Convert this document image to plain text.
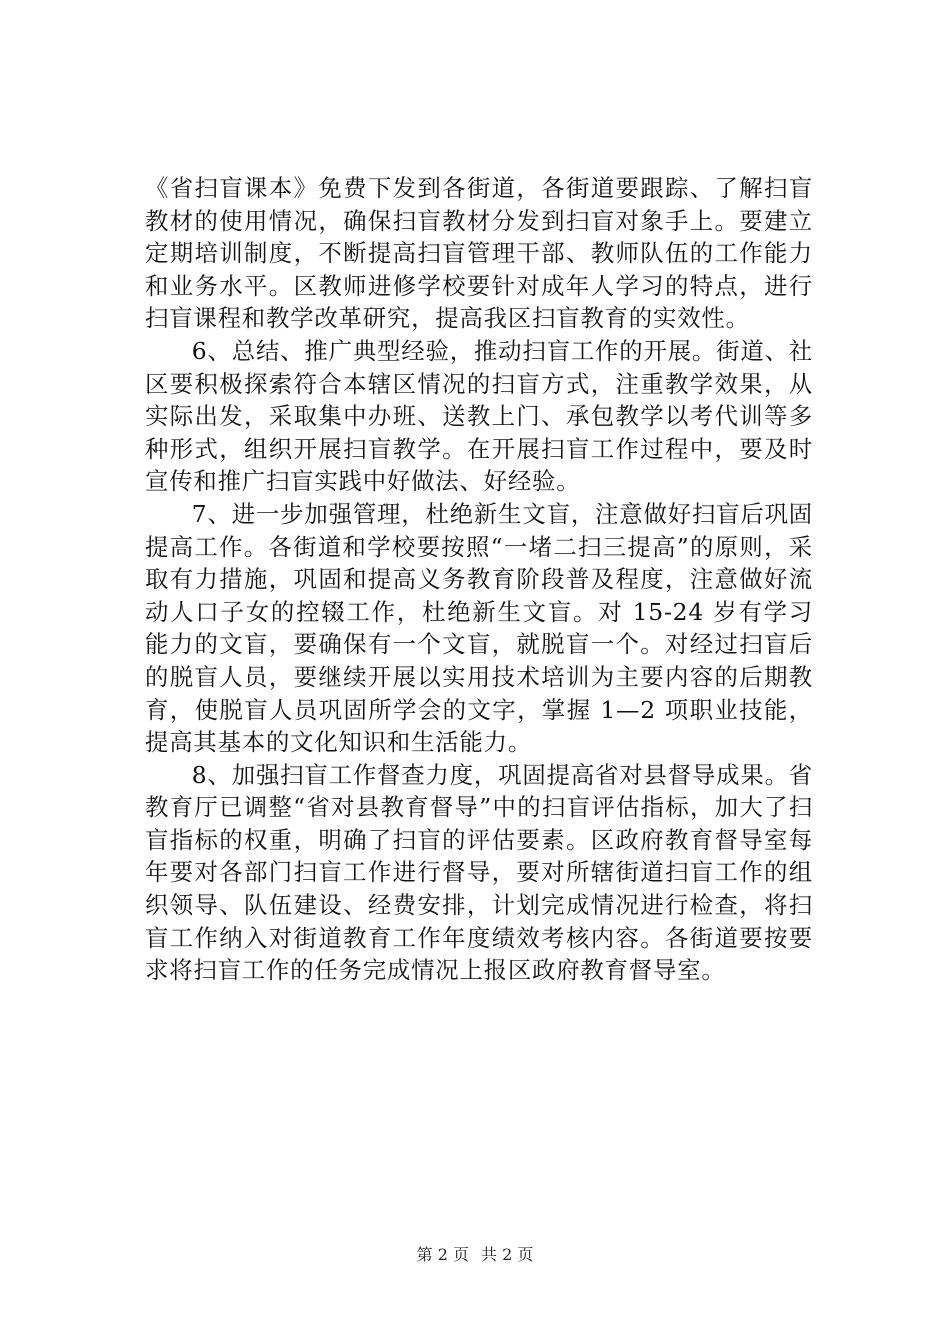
《省扫盲课本》免费下发到各街道，各街道要跟踪、了解扫盲教材的使用情况，确保扫盲教材分发到扫盲对象手上。要建立定期培训制度，不断提高扫盲管理干部、教师队伍的工作能力和业务水平。区教师进修学校要针对成年人学习的特点，进行扫盲课程和教学改革研究，提高我区扫盲教育的实效性。

6、总结、推广典型经验，推动扫盲工作的开展。街道、社区要积极探索符合本辖区情况的扫盲方式，注重教学效果，从实际出发，采取集中办班、送教上门、承包教学以考代训等多种形式，组织开展扫盲教学。在开展扫盲工作过程中，要及时宣传和推广扫盲实践中好做法、好经验。

7、进一步加强管理，杜绝新生文盲，注意做好扫盲后巩固提高工作。各街道和学校要按照“一堵二扫三提高”的原则，采取有力措施，巩固和提高义务教育阶段普及程度，注意做好流动人口子女的控辍工作，杜绝新生文盲。对 15-24 岁有学习能力的文盲，要确保有一个文盲，就脱盲一个。对经过扫盲后的脱盲人员，要继续开展以实用技术培训为主要内容的后期教育，使脱盲人员巩固所学会的文字，掌握 1—2 项职业技能，提高其基本的文化知识和生活能力。

8、加强扫盲工作督查力度，巩固提高省对县督导成果。省教育厅已调整“省对县教育督导”中的扫盲评估指标，加大了扫盲指标的权重，明确了扫盲的评估要素。区政府教育督导室每年要对各部门扫盲工作进行督导，要对所辖街道扫盲工作的组织领导、队伍建设、经费安排，计划完成情况进行检查，将扫盲工作纳入对街道教育工作年度绩效考核内容。各街道要按要求将扫盲工作的任务完成情况上报区政府教育督导室。

第 2 页 共 2 页
